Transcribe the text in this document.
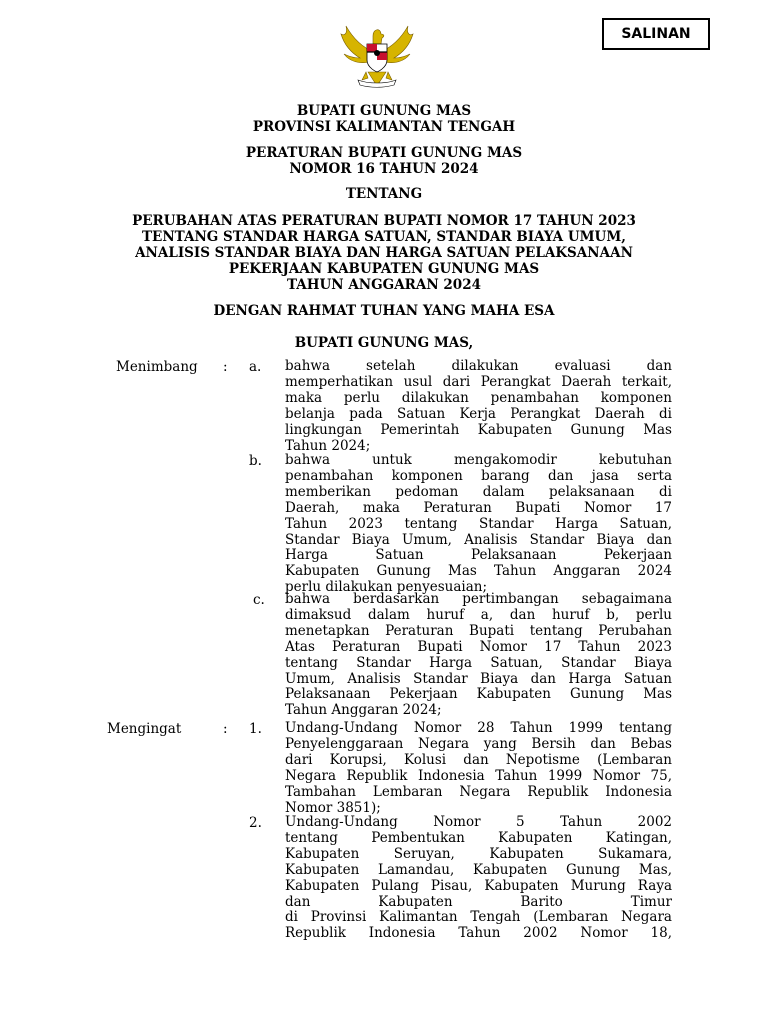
SALINAN
BUPATI GUNUNG MAS
PROVINSI KALIMANTAN TENGAH
PERATURAN BUPATI GUNUNG MAS
NOMOR 16 TAHUN 2024
TENTANG
PERUBAHAN ATAS PERATURAN BUPATI NOMOR 17 TAHUN 2023
TENTANG STANDAR HARGA SATUAN, STANDAR BIAYA UMUM,
ANALISIS STANDAR BIAYA DAN HARGA SATUAN PELAKSANAAN
PEKERJAAN KABUPATEN GUNUNG MAS
TAHUN ANGGARAN 2024
DENGAN RAHMAT TUHAN YANG MAHA ESA
BUPATI GUNUNG MAS,
Menimbang : a. bahwa setelah dilakukan evaluasi dan
memperhatikan usul dari Perangkat Daerah terkait,
maka perlu dilakukan penambahan komponen
belanja pada Satuan Kerja Perangkat Daerah di
lingkungan Pemerintah Kabupaten Gunung Mas
Tahun 2024;
b. bahwa untuk mengakomodir kebutuhan
penambahan komponen barang dan jasa serta
memberikan pedoman dalam pelaksanaan di
Daerah, maka Peraturan Bupati Nomor 17
Tahun 2023 tentang Standar Harga Satuan,
Standar Biaya Umum, Analisis Standar Biaya dan
Harga Satuan Pelaksanaan Pekerjaan
Kabupaten Gunung Mas Tahun Anggaran 2024
perlu dilakukan penyesuaian;
c. bahwa berdasarkan pertimbangan sebagaimana
dimaksud dalam huruf a, dan huruf b, perlu
menetapkan Peraturan Bupati tentang Perubahan
Atas Peraturan Bupati Nomor 17 Tahun 2023
tentang Standar Harga Satuan, Standar Biaya
Umum, Analisis Standar Biaya dan Harga Satuan
Pelaksanaan Pekerjaan Kabupaten Gunung Mas
Tahun Anggaran 2024;
Mengingat	: 1. Undang-Undang Nomor 28 Tahun 1999 tentang
Penyelenggaraan Negara yang Bersih dan Bebas
dari Korupsi, Kolusi dan Nepotisme (Lembaran
Negara Republik Indonesia Tahun 1999 Nomor 75,
Tambahan Lembaran Negara Republik Indonesia
Nomor 3851);
2. Undang-Undang Nomor 5 Tahun 2002
tentang Pembentukan Kabupaten Katingan,
Kabupaten Seruyan, Kabupaten Sukamara,
Kabupaten Lamandau, Kabupaten Gunung Mas,
Kabupaten Pulang Pisau, Kabupaten Murung Raya
dan Kabupaten Barito Timur
di Provinsi Kalimantan Tengah (Lembaran Negara
Republik Indonesia Tahun 2002 Nomor 18,
